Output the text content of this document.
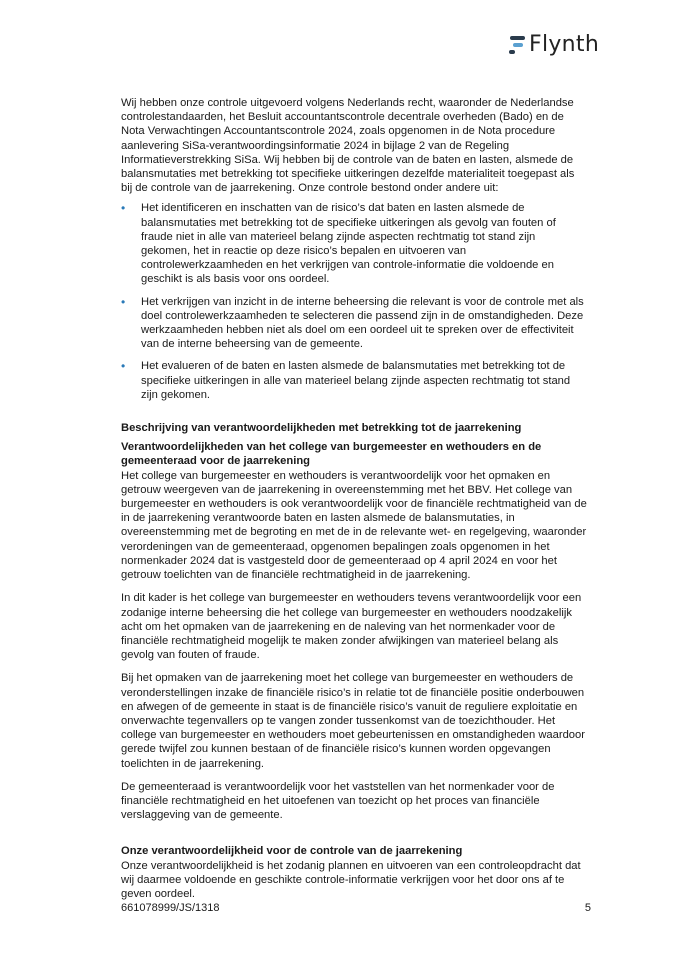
Flynth

Wij hebben onze controle uitgevoerd volgens Nederlands recht, waaronder de Nederlandse controlestandaarden, het Besluit accountantscontrole decentrale overheden (Bado) en de Nota Verwachtingen Accountantscontrole 2024, zoals opgenomen in de Nota procedure aanlevering SiSa-verantwoordingsinformatie 2024 in bijlage 2 van de Regeling Informatieverstrekking SiSa. Wij hebben bij de controle van de baten en lasten, alsmede de balansmutaties met betrekking tot specifieke uitkeringen dezelfde materialiteit toegepast als bij de controle van de jaarrekening. Onze controle bestond onder andere uit:

• Het identificeren en inschatten van de risico’s dat baten en lasten alsmede de balansmutaties met betrekking tot de specifieke uitkeringen als gevolg van fouten of fraude niet in alle van materieel belang zijnde aspecten rechtmatig tot stand zijn gekomen, het in reactie op deze risico’s bepalen en uitvoeren van controlewerkzaamheden en het verkrijgen van controle-informatie die voldoende en geschikt is als basis voor ons oordeel.
• Het verkrijgen van inzicht in de interne beheersing die relevant is voor de controle met als doel controlewerkzaamheden te selecteren die passend zijn in de omstandigheden. Deze werkzaamheden hebben niet als doel om een oordeel uit te spreken over de effectiviteit van de interne beheersing van de gemeente.
• Het evalueren of de baten en lasten alsmede de balansmutaties met betrekking tot de specifieke uitkeringen in alle van materieel belang zijnde aspecten rechtmatig tot stand zijn gekomen.
Beschrijving van verantwoordelijkheden met betrekking tot de jaarrekening
Verantwoordelijkheden van het college van burgemeester en wethouders en de gemeenteraad voor de jaarrekening

Het college van burgemeester en wethouders is verantwoordelijk voor het opmaken en getrouw weergeven van de jaarrekening in overeenstemming met het BBV. Het college van burgemeester en wethouders is ook verantwoordelijk voor de financiële rechtmatigheid van de in de jaarrekening verantwoorde baten en lasten alsmede de balansmutaties, in overeenstemming met de begroting en met de in de relevante wet- en regelgeving, waaronder verordeningen van de gemeenteraad, opgenomen bepalingen zoals opgenomen in het normenkader 2024 dat is vastgesteld door de gemeenteraad op 4 april 2024 en voor het getrouw toelichten van de financiële rechtmatigheid in de jaarrekening.

In dit kader is het college van burgemeester en wethouders tevens verantwoordelijk voor een zodanige interne beheersing die het college van burgemeester en wethouders noodzakelijk acht om het opmaken van de jaarrekening en de naleving van het normenkader voor de financiële rechtmatigheid mogelijk te maken zonder afwijkingen van materieel belang als gevolg van fouten of fraude.

Bij het opmaken van de jaarrekening moet het college van burgemeester en wethouders de veronderstellingen inzake de financiële risico’s in relatie tot de financiële positie onderbouwen en afwegen of de gemeente in staat is de financiële risico’s vanuit de reguliere exploitatie en onverwachte tegenvallers op te vangen zonder tussenkomst van de toezichthouder. Het college van burgemeester en wethouders moet gebeurtenissen en omstandigheden waardoor gerede twijfel zou kunnen bestaan of de financiële risico’s kunnen worden opgevangen toelichten in de jaarrekening.

De gemeenteraad is verantwoordelijk voor het vaststellen van het normenkader voor de financiële rechtmatigheid en het uitoefenen van toezicht op het proces van financiële verslaggeving van de gemeente.

Onze verantwoordelijkheid voor de controle van de jaarrekening

Onze verantwoordelijkheid is het zodanig plannen en uitvoeren van een controleopdracht dat wij daarmee voldoende en geschikte controle-informatie verkrijgen voor het door ons af te geven oordeel.

661078999/JS/1318	5
